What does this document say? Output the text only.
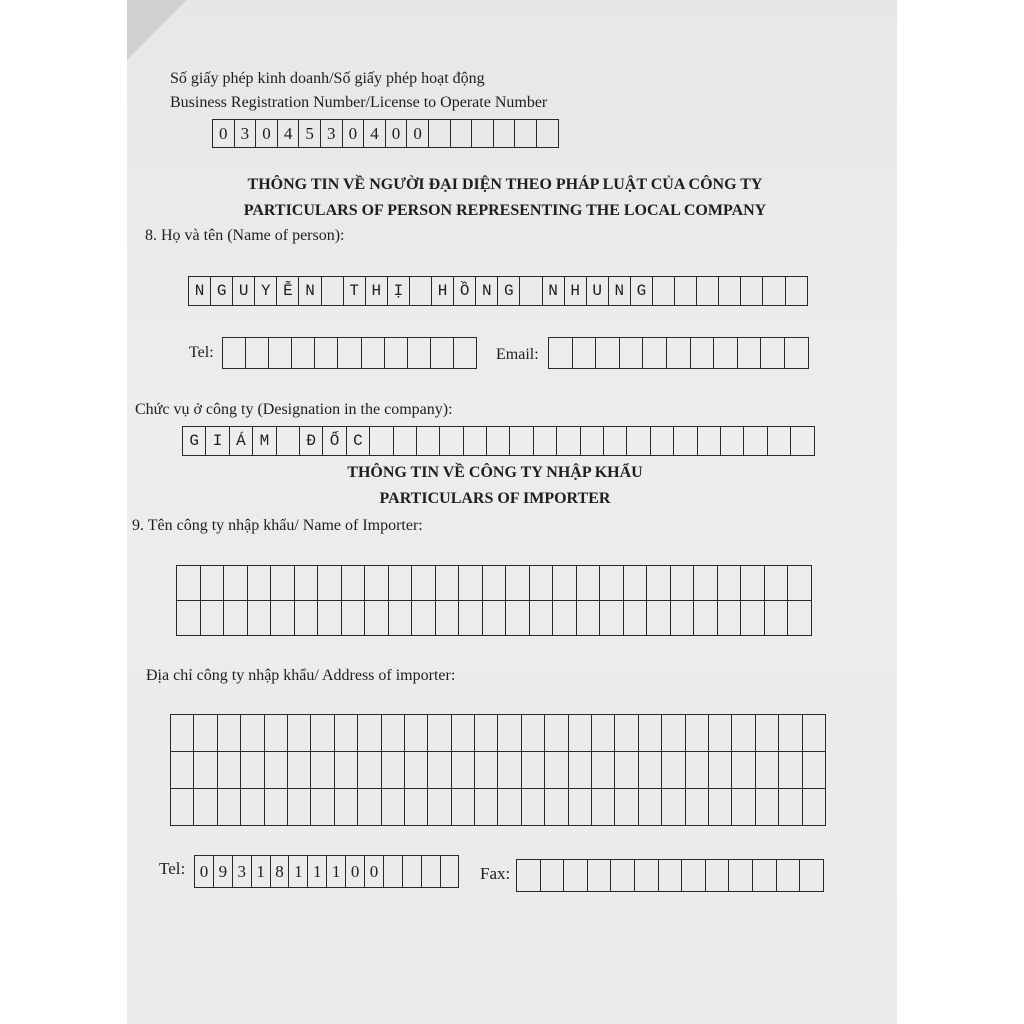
Số giấy phép kinh doanh/Số giấy phép hoạt động
Business Registration Number/License to Operate Number
0 3 0 4 5 3 0 4 0 0
THÔNG TIN VỀ NGƯỜI ĐẠI DIỆN THEO PHÁP LUẬT CỦA CÔNG TY
PARTICULARS OF PERSON REPRESENTING THE LOCAL COMPANY
8. Họ và tên (Name of person):
N G U Y Ễ N	T H Ị	H Ồ N G	N H U N G
Tel:	Email:
Chức vụ ở công ty (Designation in the company):
G I Á M	Đ Ố C
THÔNG TIN VỀ CÔNG TY NHẬP KHẨU
PARTICULARS OF IMPORTER
9. Tên công ty nhập khẩu/ Name of Importer:
Địa chỉ công ty nhập khẩu/ Address of importer:
Tel: 0 9 3 1 8 1 1 1 0 0	Fax:
